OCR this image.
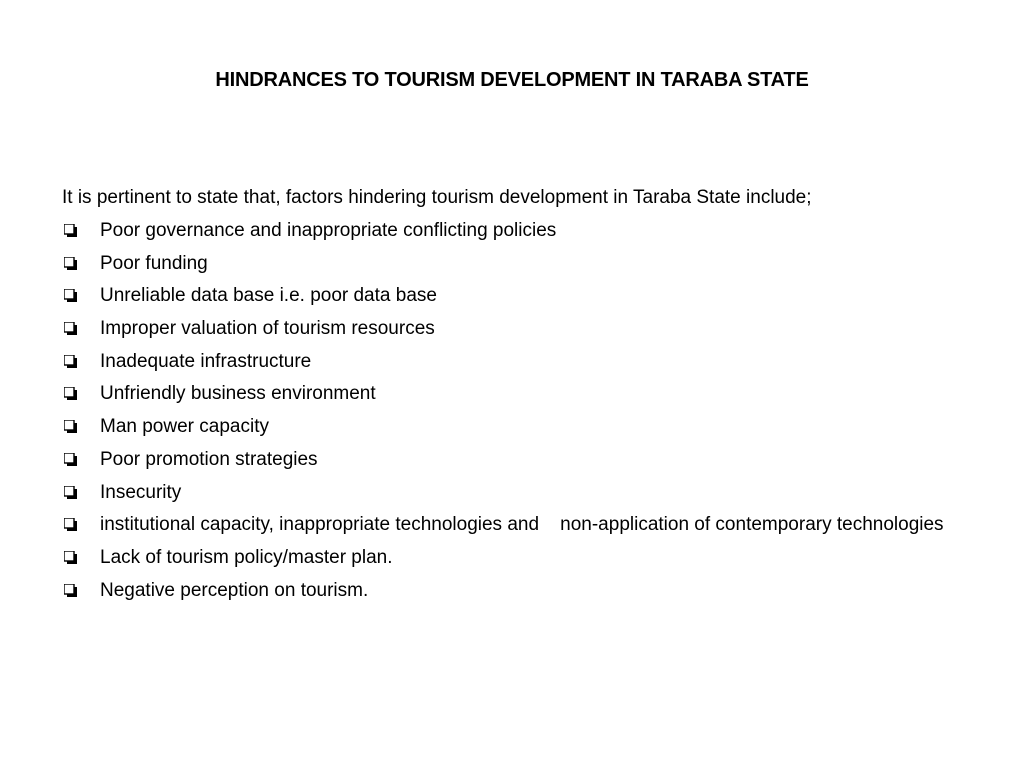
HINDRANCES TO TOURISM DEVELOPMENT IN TARABA STATE

It is pertinent to state that, factors hindering tourism development in Taraba State include;

Poor governance and inappropriate conflicting policies
Poor funding
Unreliable data base i.e. poor data base
Improper valuation of tourism resources
Inadequate infrastructure
Unfriendly business environment
Man power capacity
Poor promotion strategies
Insecurity
institutional capacity, inappropriate technologies and    non-application of contemporary technologies
Lack of tourism policy/master plan.
Negative perception on tourism.
